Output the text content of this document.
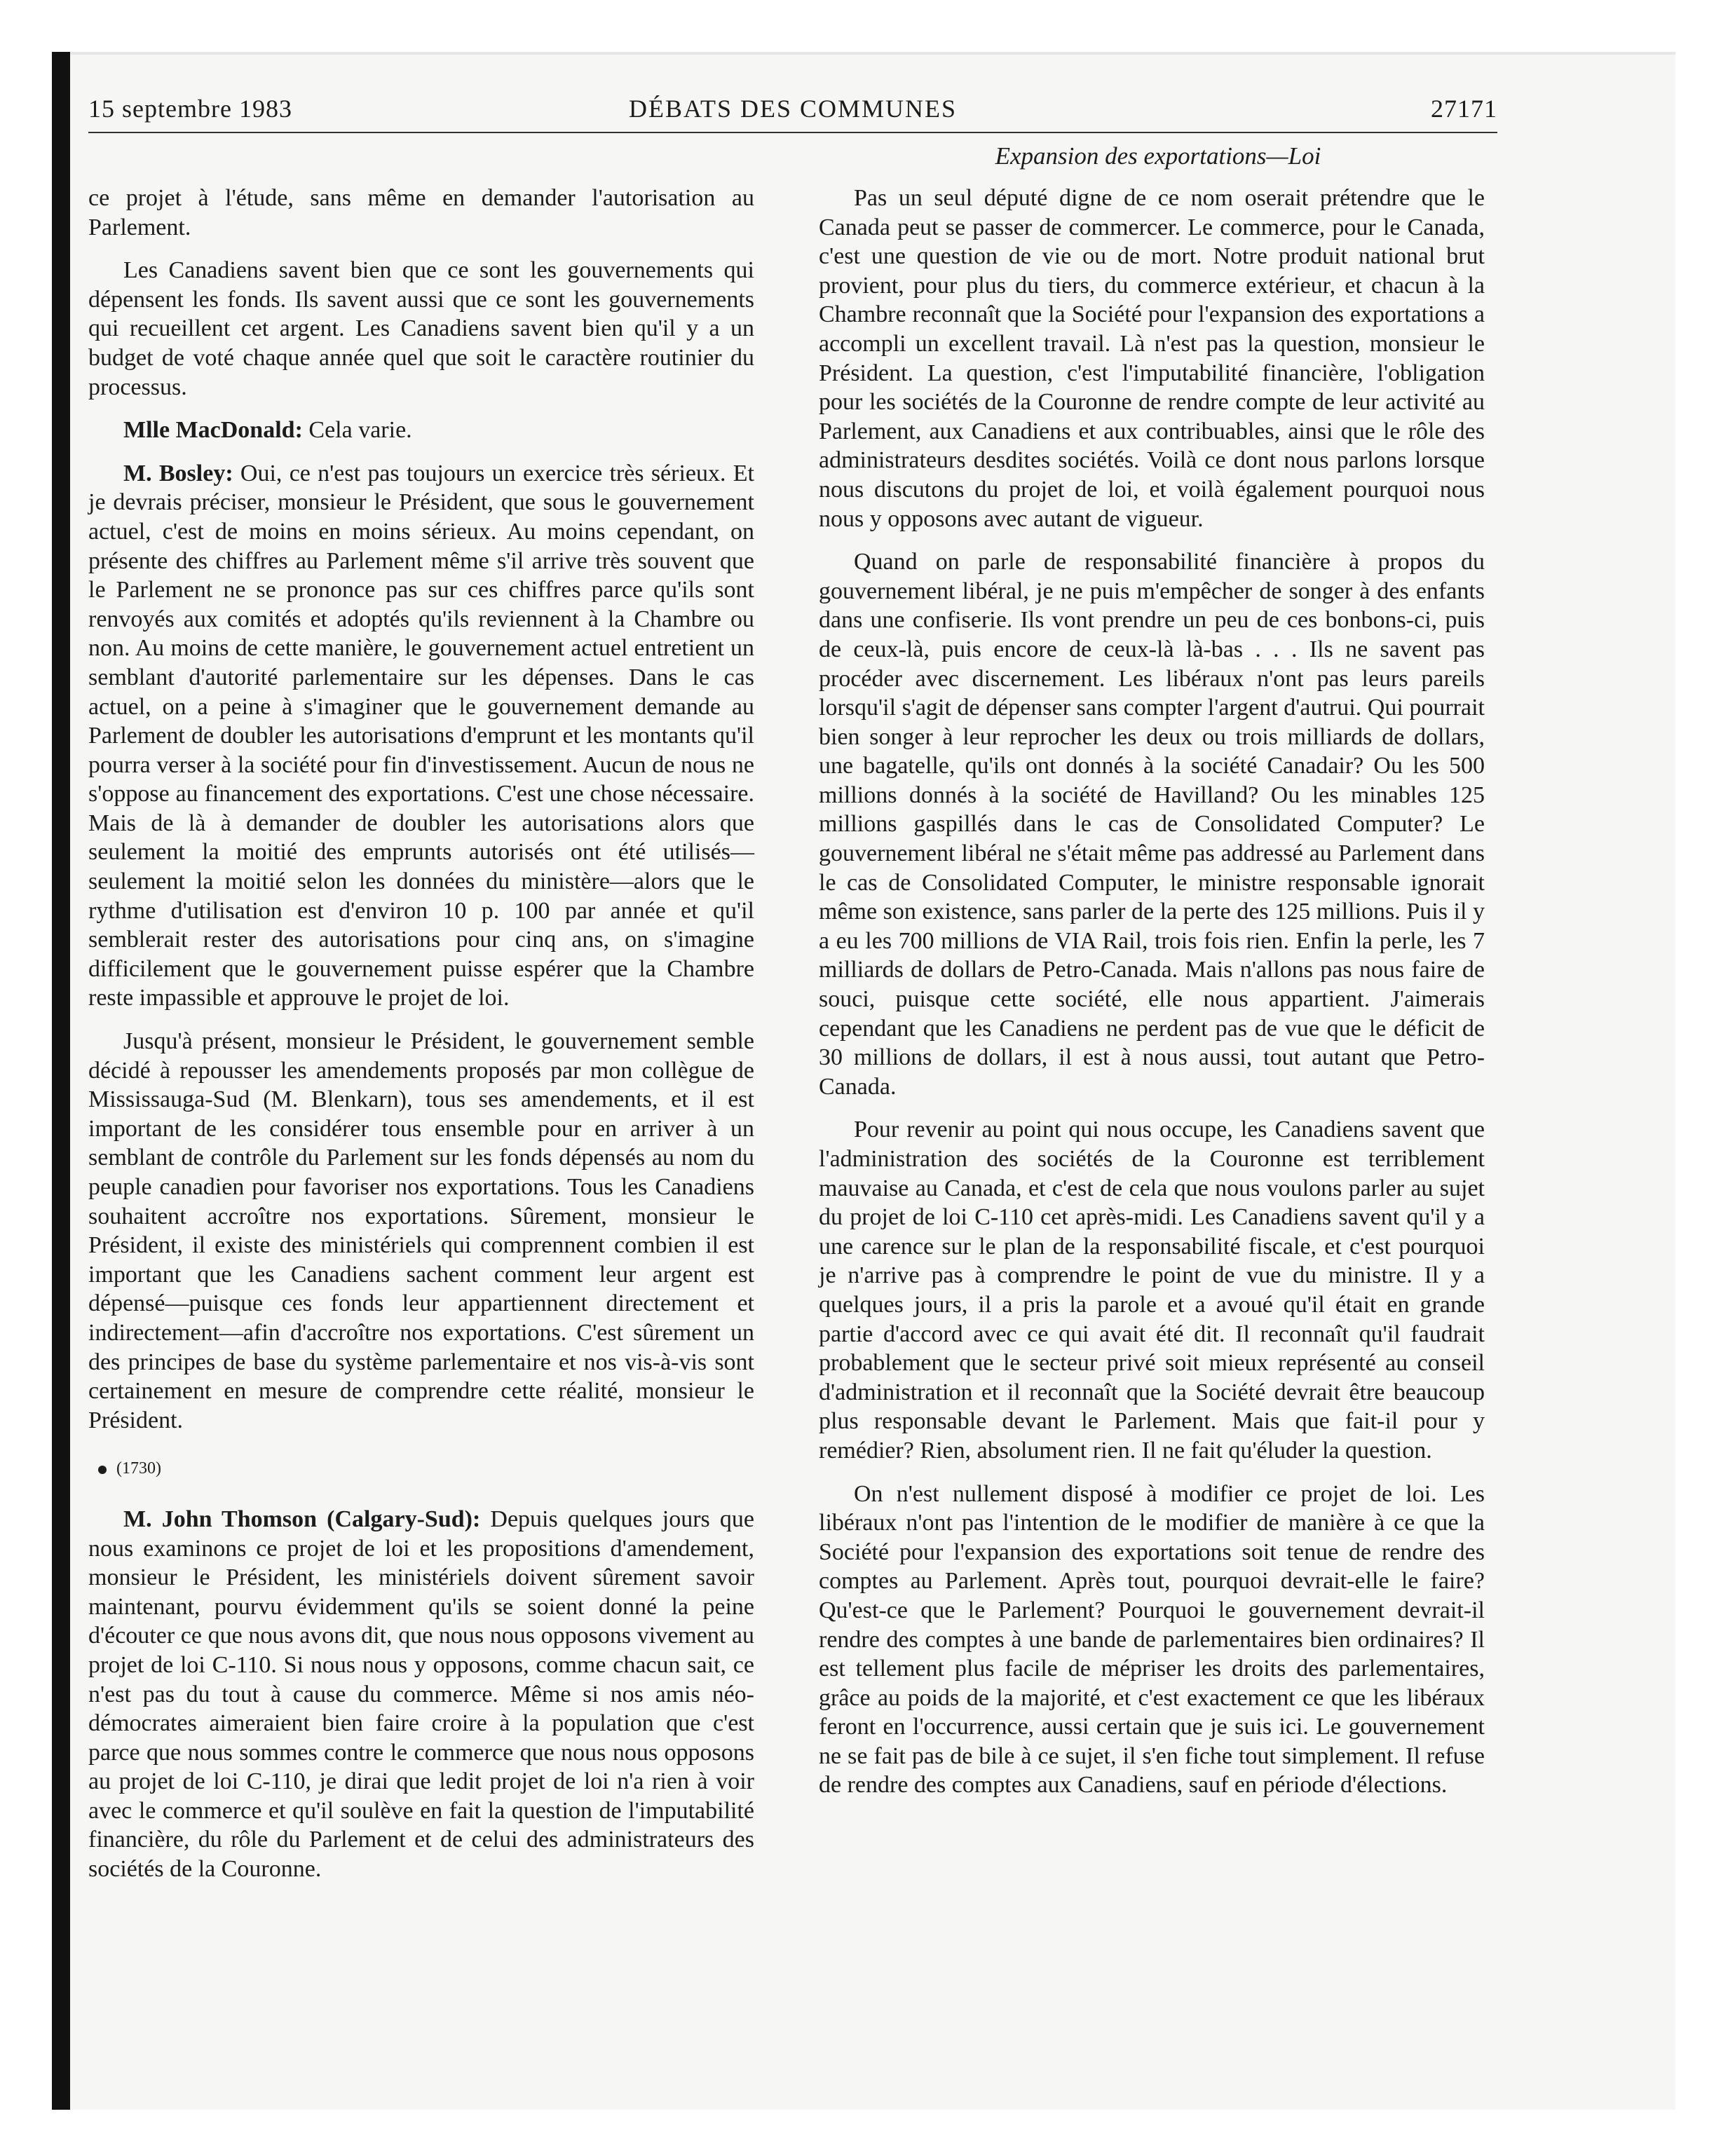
15 septembre 1983	DÉBATS DES COMMUNES	27171
Expansion des exportations—Loi

ce projet à l'étude, sans même en demander l'autorisation au Parlement.

Les Canadiens savent bien que ce sont les gouvernements qui dépensent les fonds. Ils savent aussi que ce sont les gouvernements qui recueillent cet argent. Les Canadiens savent bien qu'il y a un budget de voté chaque année quel que soit le caractère routinier du processus.

Mlle MacDonald: Cela varie.

M. Bosley: Oui, ce n'est pas toujours un exercice très sérieux. Et je devrais préciser, monsieur le Président, que sous le gouvernement actuel, c'est de moins en moins sérieux. Au moins cependant, on présente des chiffres au Parlement même s'il arrive très souvent que le Parlement ne se prononce pas sur ces chiffres parce qu'ils sont renvoyés aux comités et adoptés qu'ils reviennent à la Chambre ou non. Au moins de cette manière, le gouvernement actuel entretient un semblant d'autorité parlementaire sur les dépenses. Dans le cas actuel, on a peine à s'imaginer que le gouvernement demande au Parlement de doubler les autorisations d'emprunt et les montants qu'il pourra verser à la société pour fin d'investissement. Aucun de nous ne s'oppose au financement des exportations. C'est une chose nécessaire. Mais de là à demander de doubler les autorisations alors que seulement la moitié des emprunts autorisés ont été utilisés—seulement la moitié selon les données du ministère—alors que le rythme d'utilisation est d'environ 10 p. 100 par année et qu'il semblerait rester des autorisations pour cinq ans, on s'imagine difficilement que le gouvernement puisse espérer que la Chambre reste impassible et approuve le projet de loi.

Jusqu'à présent, monsieur le Président, le gouvernement semble décidé à repousser les amendements proposés par mon collègue de Mississauga-Sud (M. Blenkarn), tous ses amendements, et il est important de les considérer tous ensemble pour en arriver à un semblant de contrôle du Parlement sur les fonds dépensés au nom du peuple canadien pour favoriser nos exportations. Tous les Canadiens souhaitent accroître nos exportations. Sûrement, monsieur le Président, il existe des ministériels qui comprennent combien il est important que les Canadiens sachent comment leur argent est dépensé—puisque ces fonds leur appartiennent directement et indirectement—afin d'accroître nos exportations. C'est sûrement un des principes de base du système parlementaire et nos vis-à-vis sont certainement en mesure de comprendre cette réalité, monsieur le Président.

(1730)

M. John Thomson (Calgary-Sud): Depuis quelques jours que nous examinons ce projet de loi et les propositions d'amendement, monsieur le Président, les ministériels doivent sûrement savoir maintenant, pourvu évidemment qu'ils se soient donné la peine d'écouter ce que nous avons dit, que nous nous opposons vivement au projet de loi C-110. Si nous nous y opposons, comme chacun sait, ce n'est pas du tout à cause du commerce. Même si nos amis néo-démocrates aimeraient bien faire croire à la population que c'est parce que nous sommes contre le commerce que nous nous opposons au projet de loi C-110, je dirai que ledit projet de loi n'a rien à voir avec le commerce et qu'il soulève en fait la question de l'imputabilité financière, du rôle du Parlement et de celui des administrateurs des sociétés de la Couronne.

Pas un seul député digne de ce nom oserait prétendre que le Canada peut se passer de commercer. Le commerce, pour le Canada, c'est une question de vie ou de mort. Notre produit national brut provient, pour plus du tiers, du commerce extérieur, et chacun à la Chambre reconnaît que la Société pour l'expansion des exportations a accompli un excellent travail. Là n'est pas la question, monsieur le Président. La question, c'est l'imputabilité financière, l'obligation pour les sociétés de la Couronne de rendre compte de leur activité au Parlement, aux Canadiens et aux contribuables, ainsi que le rôle des administrateurs desdites sociétés. Voilà ce dont nous parlons lorsque nous discutons du projet de loi, et voilà également pourquoi nous nous y opposons avec autant de vigueur.

Quand on parle de responsabilité financière à propos du gouvernement libéral, je ne puis m'empêcher de songer à des enfants dans une confiserie. Ils vont prendre un peu de ces bonbons-ci, puis de ceux-là, puis encore de ceux-là là-bas . . . Ils ne savent pas procéder avec discernement. Les libéraux n'ont pas leurs pareils lorsqu'il s'agit de dépenser sans compter l'argent d'autrui. Qui pourrait bien songer à leur reprocher les deux ou trois milliards de dollars, une bagatelle, qu'ils ont donnés à la société Canadair? Ou les 500 millions donnés à la société de Havilland? Ou les minables 125 millions gaspillés dans le cas de Consolidated Computer? Le gouvernement libéral ne s'était même pas addressé au Parlement dans le cas de Consolidated Computer, le ministre responsable ignorait même son existence, sans parler de la perte des 125 millions. Puis il y a eu les 700 millions de VIA Rail, trois fois rien. Enfin la perle, les 7 milliards de dollars de Petro-Canada. Mais n'allons pas nous faire de souci, puisque cette société, elle nous appartient. J'aimerais cependant que les Canadiens ne perdent pas de vue que le déficit de 30 millions de dollars, il est à nous aussi, tout autant que Petro-Canada.

Pour revenir au point qui nous occupe, les Canadiens savent que l'administration des sociétés de la Couronne est terriblement mauvaise au Canada, et c'est de cela que nous voulons parler au sujet du projet de loi C-110 cet après-midi. Les Canadiens savent qu'il y a une carence sur le plan de la responsabilité fiscale, et c'est pourquoi je n'arrive pas à comprendre le point de vue du ministre. Il y a quelques jours, il a pris la parole et a avoué qu'il était en grande partie d'accord avec ce qui avait été dit. Il reconnaît qu'il faudrait probablement que le secteur privé soit mieux représenté au conseil d'administration et il reconnaît que la Société devrait être beaucoup plus responsable devant le Parlement. Mais que fait-il pour y remédier? Rien, absolument rien. Il ne fait qu'éluder la question.

On n'est nullement disposé à modifier ce projet de loi. Les libéraux n'ont pas l'intention de le modifier de manière à ce que la Société pour l'expansion des exportations soit tenue de rendre des comptes au Parlement. Après tout, pourquoi devrait-elle le faire? Qu'est-ce que le Parlement? Pourquoi le gouvernement devrait-il rendre des comptes à une bande de parlementaires bien ordinaires? Il est tellement plus facile de mépriser les droits des parlementaires, grâce au poids de la majorité, et c'est exactement ce que les libéraux feront en l'occurrence, aussi certain que je suis ici. Le gouvernement ne se fait pas de bile à ce sujet, il s'en fiche tout simplement. Il refuse de rendre des comptes aux Canadiens, sauf en période d'élections.
